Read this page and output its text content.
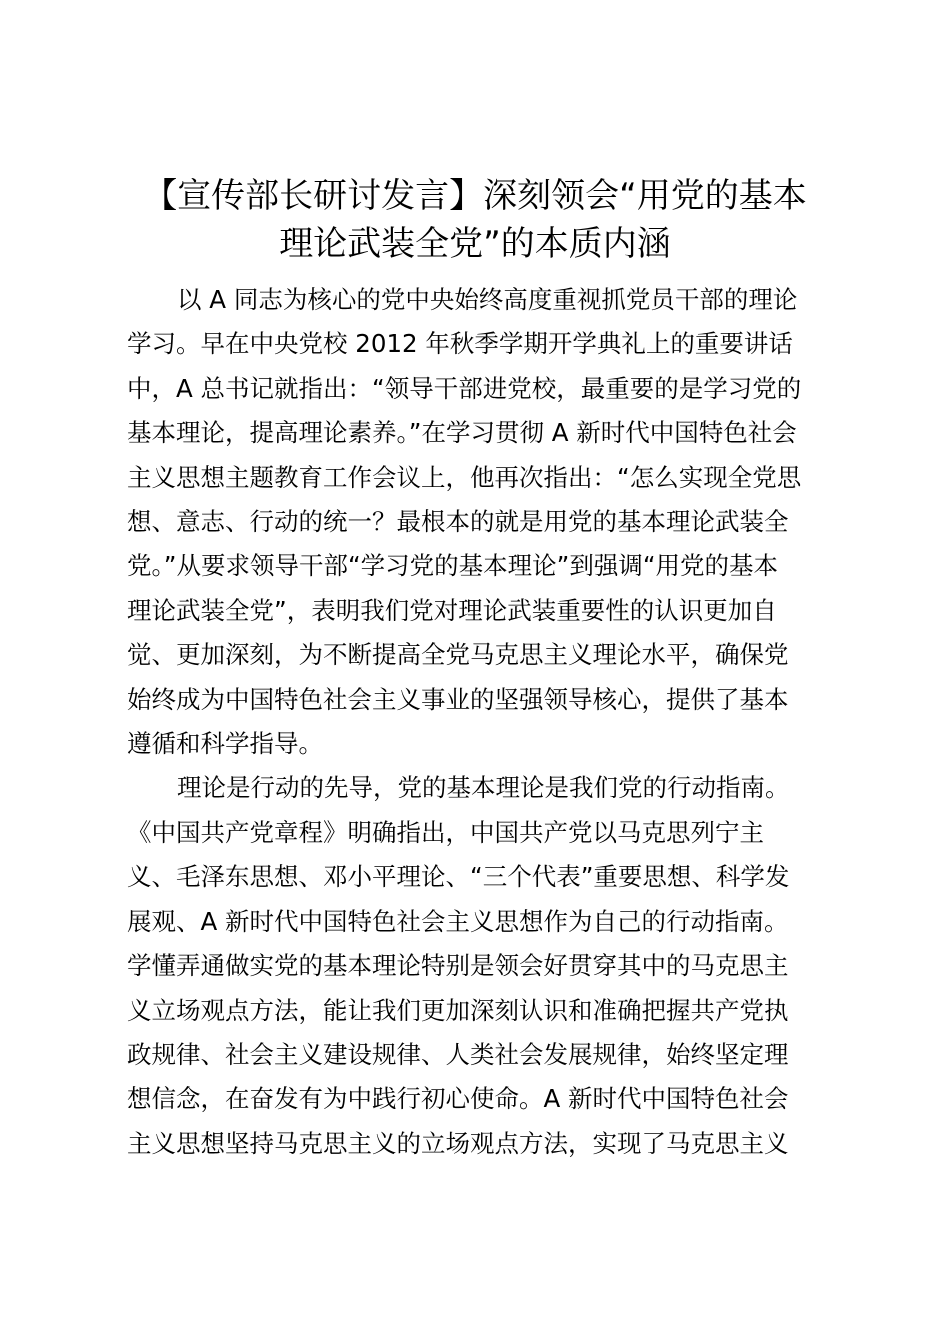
【宣传部长研讨发言】深刻领会“用党的基本
理论武装全党”的本质内涵

以 A 同志为核心的党中央始终高度重视抓党员干部的理论
学习。早在中央党校 2012 年秋季学期开学典礼上的重要讲话
中，A 总书记就指出：“领导干部进党校，最重要的是学习党的
基本理论，提高理论素养。”在学习贯彻 A 新时代中国特色社会
主义思想主题教育工作会议上，他再次指出：“怎么实现全党思
想、意志、行动的统一？最根本的就是用党的基本理论武装全
党。”从要求领导干部“学习党的基本理论”到强调“用党的基本
理论武装全党”，表明我们党对理论武装重要性的认识更加自
觉、更加深刻，为不断提高全党马克思主义理论水平，确保党
始终成为中国特色社会主义事业的坚强领导核心，提供了基本
遵循和科学指导。

理论是行动的先导，党的基本理论是我们党的行动指南。
《中国共产党章程》明确指出，中国共产党以马克思列宁主
义、毛泽东思想、邓小平理论、“三个代表”重要思想、科学发
展观、A 新时代中国特色社会主义思想作为自己的行动指南。
学懂弄通做实党的基本理论特别是领会好贯穿其中的马克思主
义立场观点方法，能让我们更加深刻认识和准确把握共产党执
政规律、社会主义建设规律、人类社会发展规律，始终坚定理
想信念，在奋发有为中践行初心使命。A 新时代中国特色社会
主义思想坚持马克思主义的立场观点方法，实现了马克思主义
